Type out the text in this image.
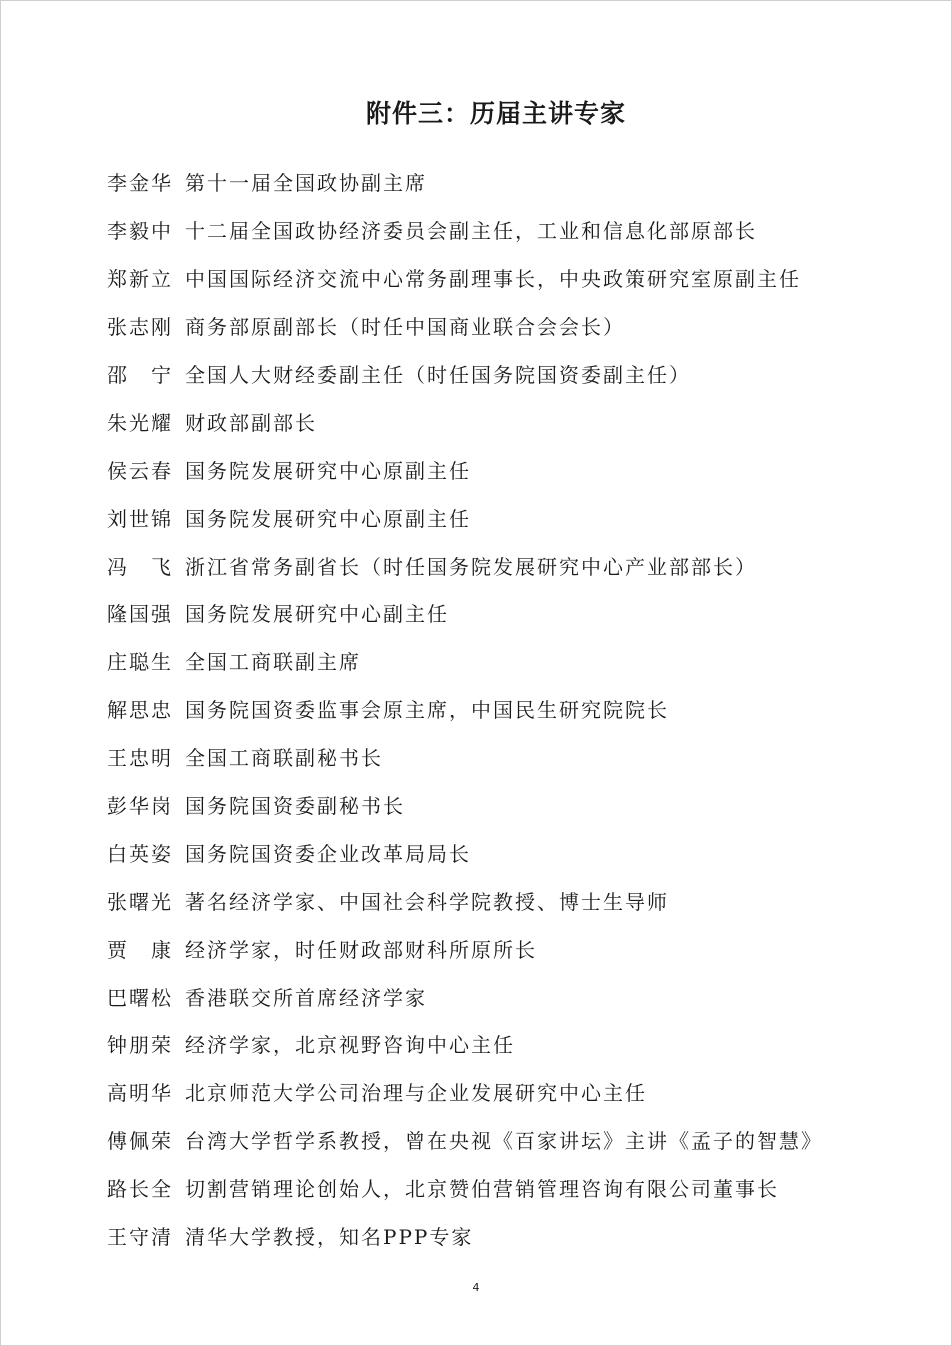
附件三：历届主讲专家
李金华 第十一届全国政协副主席
李毅中 十二届全国政协经济委员会副主任，工业和信息化部原部长
郑新立 中国国际经济交流中心常务副理事长，中央政策研究室原副主任
张志刚 商务部原副部长（时任中国商业联合会会长）
邵　宁 全国人大财经委副主任（时任国务院国资委副主任）
朱光耀 财政部副部长
侯云春 国务院发展研究中心原副主任
刘世锦 国务院发展研究中心原副主任
冯　飞 浙江省常务副省长（时任国务院发展研究中心产业部部长）
隆国强 国务院发展研究中心副主任
庄聪生 全国工商联副主席
解思忠 国务院国资委监事会原主席，中国民生研究院院长
王忠明 全国工商联副秘书长
彭华岗 国务院国资委副秘书长
白英姿 国务院国资委企业改革局局长
张曙光 著名经济学家、中国社会科学院教授、博士生导师
贾　康 经济学家，时任财政部财科所原所长
巴曙松 香港联交所首席经济学家
钟朋荣 经济学家，北京视野咨询中心主任
高明华 北京师范大学公司治理与企业发展研究中心主任
傅佩荣 台湾大学哲学系教授，曾在央视《百家讲坛》主讲《孟子的智慧》
路长全 切割营销理论创始人，北京赞伯营销管理咨询有限公司董事长
王守清 清华大学教授，知名PPP专家
4
